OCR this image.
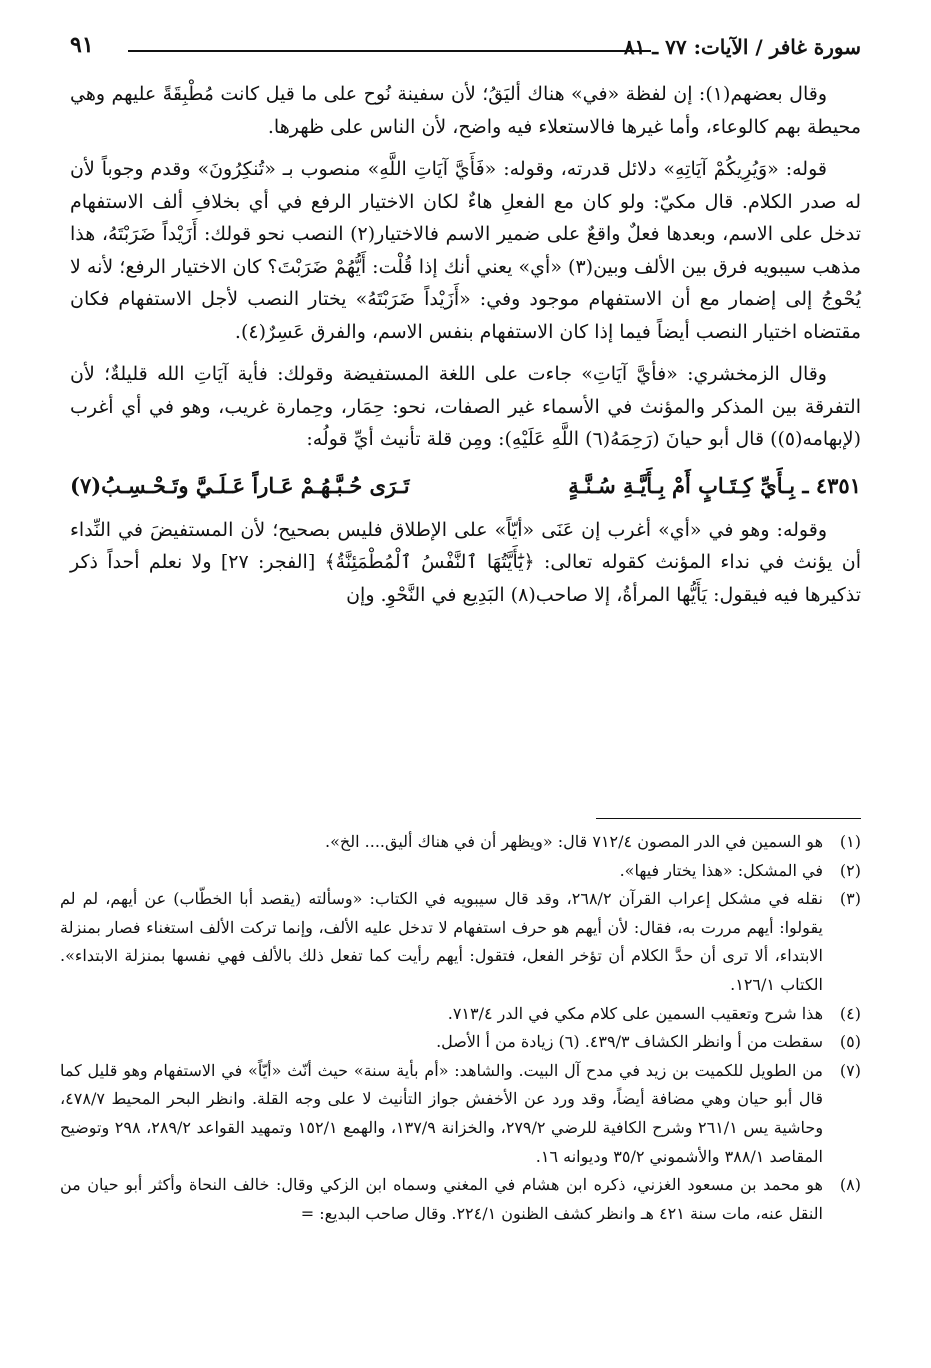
سورة غافر / الآيات: ٧٧ ـ ٨١
٩١

وقال بعضهم(١): إن لفظة «في» هناك أليَقُ؛ لأن سفينة نُوح على ما قيل كانت مُطْبِقَةً عليهم وهي محيطة بهم كالوعاء، وأما غيرها فالاستعلاء فيه واضح، لأن الناس على ظهرها.

قوله: «وَيُرِيكُمْ آيَاتِهِ» دلائل قدرته، وقوله: «فَأَيَّ آيَاتِ اللَّهِ» منصوب بـ «تُنكِرُونَ» وقدم وجوباً لأن له صدر الكلام. قال مكيّ: ولو كان مع الفعلِ هاءٌ لكان الاختيار الرفع في أي بخلافِ ألف الاستفهام تدخل على الاسم، وبعدها فعلٌ واقعٌ على ضمير الاسم فالاختيار(٢) النصب نحو قولك: أَزَيْداً ضَرَبْتَهُ، هذا مذهب سيبويه فرق بين الألف وبين(٣) «أي» يعني أنك إذا قُلْت: أَيُّهُمْ ضَرَبْتَ؟ كان الاختيار الرفع؛ لأنه لا يُحْوجُ إلى إضمار مع أن الاستفهام موجود وفي: «أَزَيْداً ضَرَبْتَهُ» يختار النصب لأجل الاستفهام فكان مقتضاه اختيار النصب أيضاً فيما إذا كان الاستفهام بنفس الاسم، والفرق عَسِرٌ(٤).

وقال الزمخشري: «فأيَّ آيَاتِ» جاءت على اللغة المستفيضة وقولك: فأية آيَاتِ الله قليلةٌ؛ لأن التفرقة بين المذكر والمؤنث في الأسماء غير الصفات، نحو: حِمَار، وحِمارة غريب، وهو في أي أغرب (لإبهامه(٥)) قال أبو حيانَ (رَحِمَهُ(٦) اللَّهِ عَلَيْهِ): ومِن قلة تأنيث أيِّ قولُه:

٤٣٥١ ـ بِـأَيِّ كِـتَـابٍ أَمْ بِـأَيَّـةِ سُـنَّـةٍ
تَـرَى حُـبَّـهُـمْ عَـاراً عَـلَـيَّ وتَـحْـسِـبُ(٧)

وقوله: وهو في «أي» أغرب إن عَنَى «أيّاً» على الإطلاق فليس بصحيح؛ لأن المستفيضَ في النِّداء أن يؤنث في نداء المؤنث كقوله تعالى: ﴿يَٰٓأَيَّتُهَا ٱلنَّفْسُ ٱلْمُطْمَئِنَّةُ﴾ [الفجر: ٢٧] ولا نعلم أحداً ذكر تذكيرها فيه فيقول: يَأَيُّها المرأةُ، إلا صاحب(٨) البَدِيع في النَّحْوِ. وإن

(١)
هو السمين في الدر المصون ٧١٢/٤ قال: «ويظهر أن في هناك أليق.... الخ».
(٢)
في المشكل: «هذا يختار فيها».
(٣)
نقله في مشكل إعراب القرآن ٢٦٨/٢، وقد قال سيبويه في الكتاب: «وسألته (يقصد أبا الخطّاب) عن أيهم، لم لم يقولوا: أيهم مررت به، فقال: لأن أيهم هو حرف استفهام لا تدخل عليه الألف، وإنما تركت الألف استغناء فصار بمنزلة الابتداء، ألا ترى أن حدَّ الكلام أن تؤخر الفعل، فتقول: أيهم رأيت كما تفعل ذلك بالألف فهي نفسها بمنزلة الابتداء». الكتاب ١٢٦/١.
(٤)
هذا شرح وتعقيب السمين على كلام مكي في الدر ٧١٣/٤.
(٥)
سقطت من أ وانظر الكشاف ٤٣٩/٣. (٦) زيادة من أ الأصل.
(٧)
من الطويل للكميت بن زيد في مدح آل البيت. والشاهد: «أم بأية سنة» حيث أنّث «أيّاً» في الاستفهام وهو قليل كما قال أبو حيان وهي مضافة أيضاً، وقد ورد عن الأخفش جواز التأنيث لا على وجه القلة. وانظر البحر المحيط ٤٧٨/٧، وحاشية يس ٢٦١/١ وشرح الكافية للرضي ٢٧٩/٢، والخزانة ١٣٧/٩، والهمع ١٥٢/١ وتمهيد القواعد ٢٨٩/٢، ٢٩٨ وتوضيح المقاصد ٣٨٨/١ والأشموني ٣٥/٢ وديوانه ١٦.
(٨)
هو محمد بن مسعود الغزني، ذكره ابن هشام في المغني وسماه ابن الزكي وقال: خالف النحاة وأكثر أبو حيان من النقل عنه، مات سنة ٤٢١ هـ وانظر كشف الظنون ٢٢٤/١. وقال صاحب البديع: =
